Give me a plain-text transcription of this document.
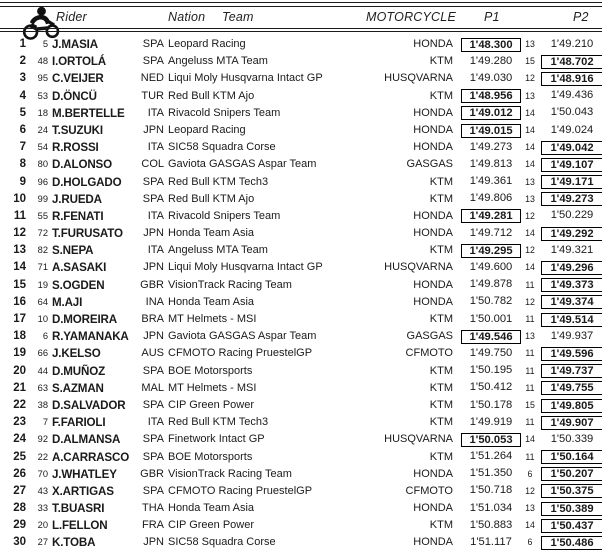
Rider	Nation Team	MOTORCYCLE P1	P2
1	5 J.MASIA	SPA Leopard Racing	HONDA	1'48.300	13	1'49.210
2	48 I.ORTOLÁ	SPA Angeluss MTA Team	KTM	1'49.280	15	1'48.702
3	95 C.VEIJER	NED Liqui Moly Husqvarna Intact GP	HUSQVARNA	1'49.030	12	1'48.916
4	53 D.ÖNCÜ	TUR Red Bull KTM Ajo	KTM	1'48.956	13	1'49.436
5	18 M.BERTELLE	ITA Rivacold Snipers Team	HONDA	1'49.012	14	1'50.043
6	24 T.SUZUKI	JPN Leopard Racing	HONDA	1'49.015	14	1'49.024
7	54 R.ROSSI	ITA SIC58 Squadra Corse	HONDA	1'49.273	14	1'49.042
8	80 D.ALONSO	COL Gaviota GASGAS Aspar Team	GASGAS	1'49.813	14	1'49.107
9	96 D.HOLGADO	SPA Red Bull KTM Tech3	KTM	1'49.361	13	1'49.171
10	99 J.RUEDA	SPA Red Bull KTM Ajo	KTM	1'49.806	13	1'49.273
11	55 R.FENATI	ITA Rivacold Snipers Team	HONDA	1'49.281	12	1'50.229
12	72 T.FURUSATO	JPN Honda Team Asia	HONDA	1'49.712	14	1'49.292
13	82 S.NEPA	ITA Angeluss MTA Team	KTM	1'49.295	12	1'49.321
14	71 A.SASAKI	JPN Liqui Moly Husqvarna Intact GP	HUSQVARNA	1'49.600	14	1'49.296
15	19 S.OGDEN	GBR VisionTrack Racing Team	HONDA	1'49.878	11	1'49.373
16	64 M.AJI	INA Honda Team Asia	HONDA	1'50.782	12	1'49.374
17	10 D.MOREIRA	BRA MT Helmets - MSI	KTM	1'50.001	11	1'49.514
18	6 R.YAMANAKA	JPN Gaviota GASGAS Aspar Team	GASGAS	1'49.546	13	1'49.937
19	66 J.KELSO	AUS CFMOTO Racing PruestelGP	CFMOTO	1'49.750	11	1'49.596
20	44 D.MUÑOZ	SPA BOE Motorsports	KTM	1'50.195	11	1'49.737
21	63 S.AZMAN	MAL MT Helmets - MSI	KTM	1'50.412	11	1'49.755
22	38 D.SALVADOR	SPA CIP Green Power	KTM	1'50.178	15	1'49.805
23	7 F.FARIOLI	ITA Red Bull KTM Tech3	KTM	1'49.919	11	1'49.907
24	92 D.ALMANSA	SPA Finetwork Intact GP	HUSQVARNA	1'50.053	14	1'50.339
25	22 A.CARRASCO	SPA BOE Motorsports	KTM	1'51.264	11	1'50.164
26	70 J.WHATLEY	GBR VisionTrack Racing Team	HONDA	1'51.350	6	1'50.207
27	43 X.ARTIGAS	SPA CFMOTO Racing PruestelGP	CFMOTO	1'50.718	12	1'50.375
28	33 T.BUASRI	THA Honda Team Asia	HONDA	1'51.034	13	1'50.389
29	20 L.FELLON	FRA CIP Green Power	KTM	1'50.883	14	1'50.437
30	27 K.TOBA	JPN SIC58 Squadra Corse	HONDA	1'51.117	6	1'50.486
